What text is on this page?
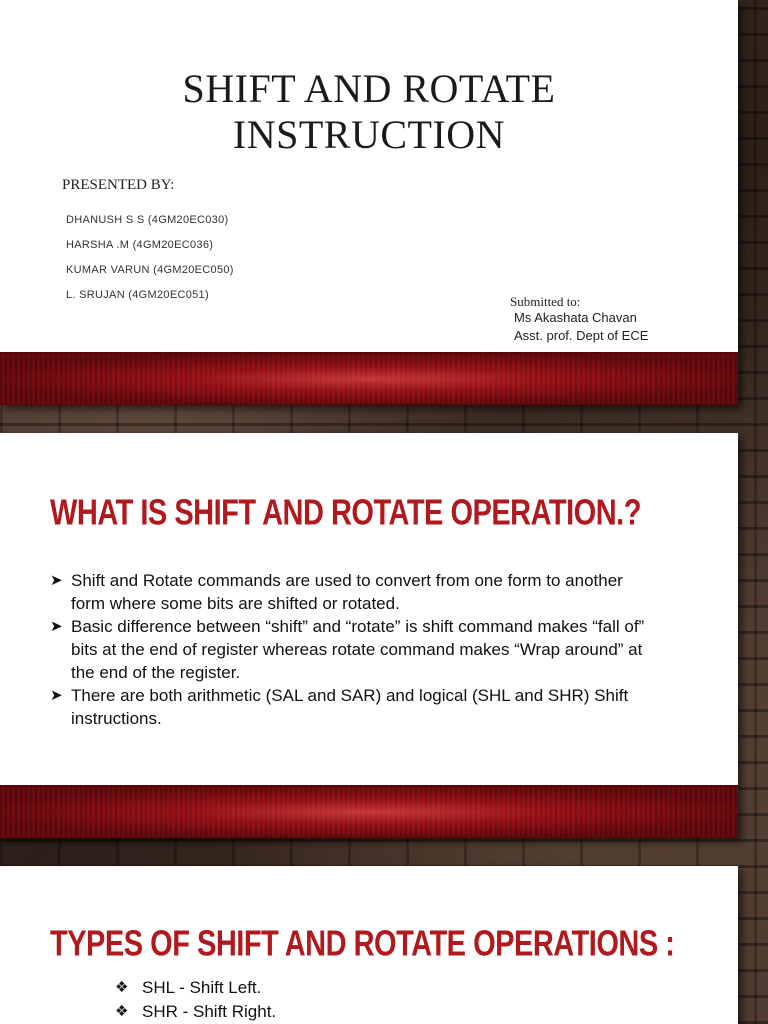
SHIFT AND ROTATE
INSTRUCTION
PRESENTED BY:
DHANUSH S S (4GM20EC030)
HARSHA .M (4GM20EC036)
KUMAR VARUN (4GM20EC050)
L. SRUJAN (4GM20EC051)	Submitted to:
Ms Akashata Chavan
Asst. prof. Dept of ECE
WHAT IS SHIFT AND ROTATE OPERATION.?
➤ Shift and Rotate commands are used to convert from one form to another form where some bits are shifted or rotated.
➤ Basic difference between “shift” and “rotate” is shift command makes “fall of” bits at the end of register whereas rotate command makes “Wrap around” at the end of the register.
➤ There are both arithmetic (SAL and SAR) and logical (SHL and SHR) Shift instructions.
TYPES OF SHIFT AND ROTATE OPERATIONS :
❖ SHL - Shift Left.
❖ SHR - Shift Right.
